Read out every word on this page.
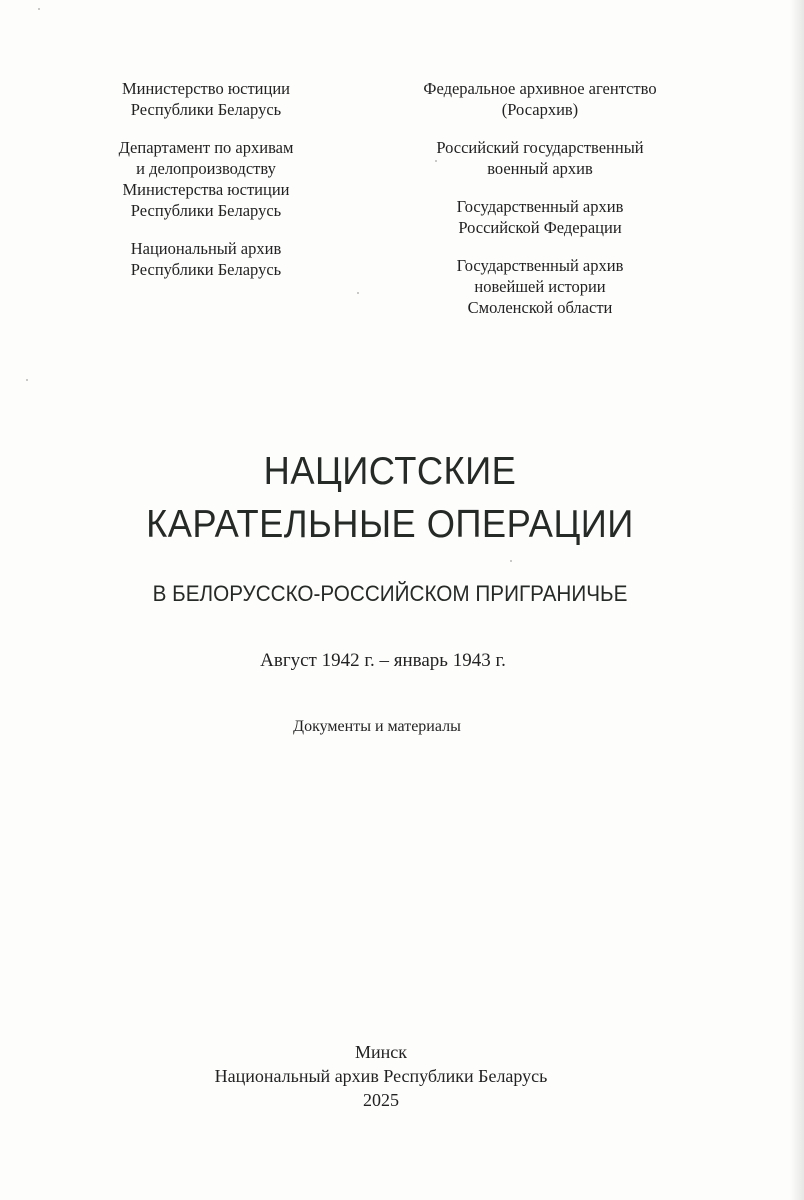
Министерство юстиции
Республики Беларусь
Департамент по архивам
и делопроизводству
Министерства юстиции
Республики Беларусь
Национальный архив
Республики Беларусь
Федеральное архивное агентство
(Росархив)
Российский государственный
военный архив
Государственный архив
Российской Федерации
Государственный архив
новейшей истории
Смоленской области
НАЦИСТСКИЕ
КАРАТЕЛЬНЫЕ ОПЕРАЦИИ
В БЕЛОРУССКО-РОССИЙСКОМ ПРИГРАНИЧЬЕ
Август 1942 г. – январь 1943 г.
Документы и материалы
Минск
Национальный архив Республики Беларусь
2025
